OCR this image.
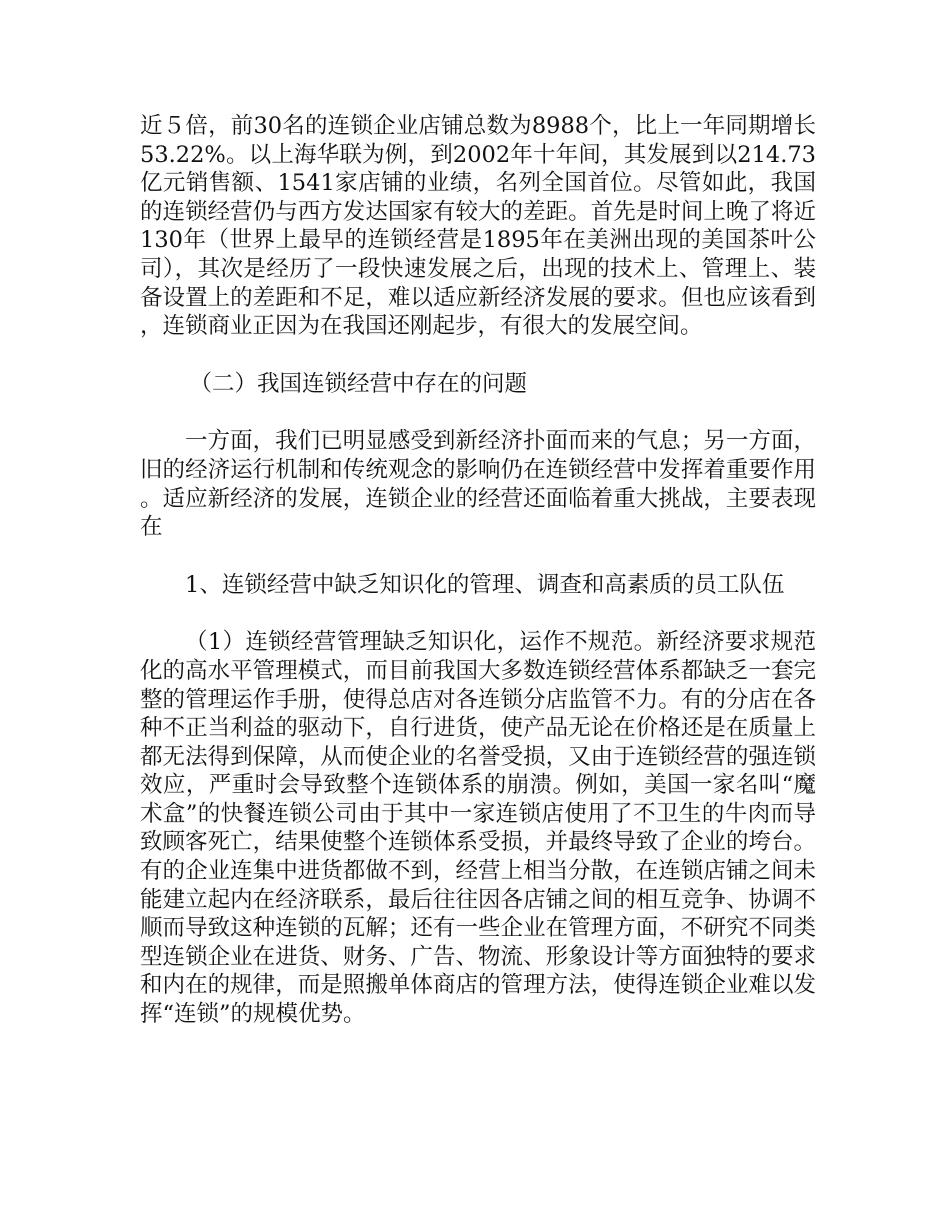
近５倍，前30名的连锁企业店铺总数为8988个，比上一年同期增长53.22%。以上海华联为例，到2002年十年间，其发展到以214.73亿元销售额、1541家店铺的业绩，名列全国首位。尽管如此，我国的连锁经营仍与西方发达国家有较大的差距。首先是时间上晚了将近130年（世界上最早的连锁经营是1895年在美洲出现的美国茶叶公司），其次是经历了一段快速发展之后，出现的技术上、管理上、装备设置上的差距和不足，难以适应新经济发展的要求。但也应该看到，连锁商业正因为在我国还刚起步，有很大的发展空间。

（二）我国连锁经营中存在的问题

一方面，我们已明显感受到新经济扑面而来的气息；另一方面，旧的经济运行机制和传统观念的影响仍在连锁经营中发挥着重要作用。适应新经济的发展，连锁企业的经营还面临着重大挑战，主要表现在

1、连锁经营中缺乏知识化的管理、调查和高素质的员工队伍

（1）连锁经营管理缺乏知识化，运作不规范。新经济要求规范化的高水平管理模式，而目前我国大多数连锁经营体系都缺乏一套完整的管理运作手册，使得总店对各连锁分店监管不力。有的分店在各种不正当利益的驱动下，自行进货，使产品无论在价格还是在质量上都无法得到保障，从而使企业的名誉受损，又由于连锁经营的强连锁效应，严重时会导致整个连锁体系的崩溃。例如，美国一家名叫“魔术盒”的快餐连锁公司由于其中一家连锁店使用了不卫生的牛肉而导致顾客死亡，结果使整个连锁体系受损，并最终导致了企业的垮台。有的企业连集中进货都做不到，经营上相当分散，在连锁店铺之间未能建立起内在经济联系，最后往往因各店铺之间的相互竞争、协调不顺而导致这种连锁的瓦解；还有一些企业在管理方面，不研究不同类型连锁企业在进货、财务、广告、物流、形象设计等方面独特的要求和内在的规律，而是照搬单体商店的管理方法，使得连锁企业难以发挥“连锁”的规模优势。
